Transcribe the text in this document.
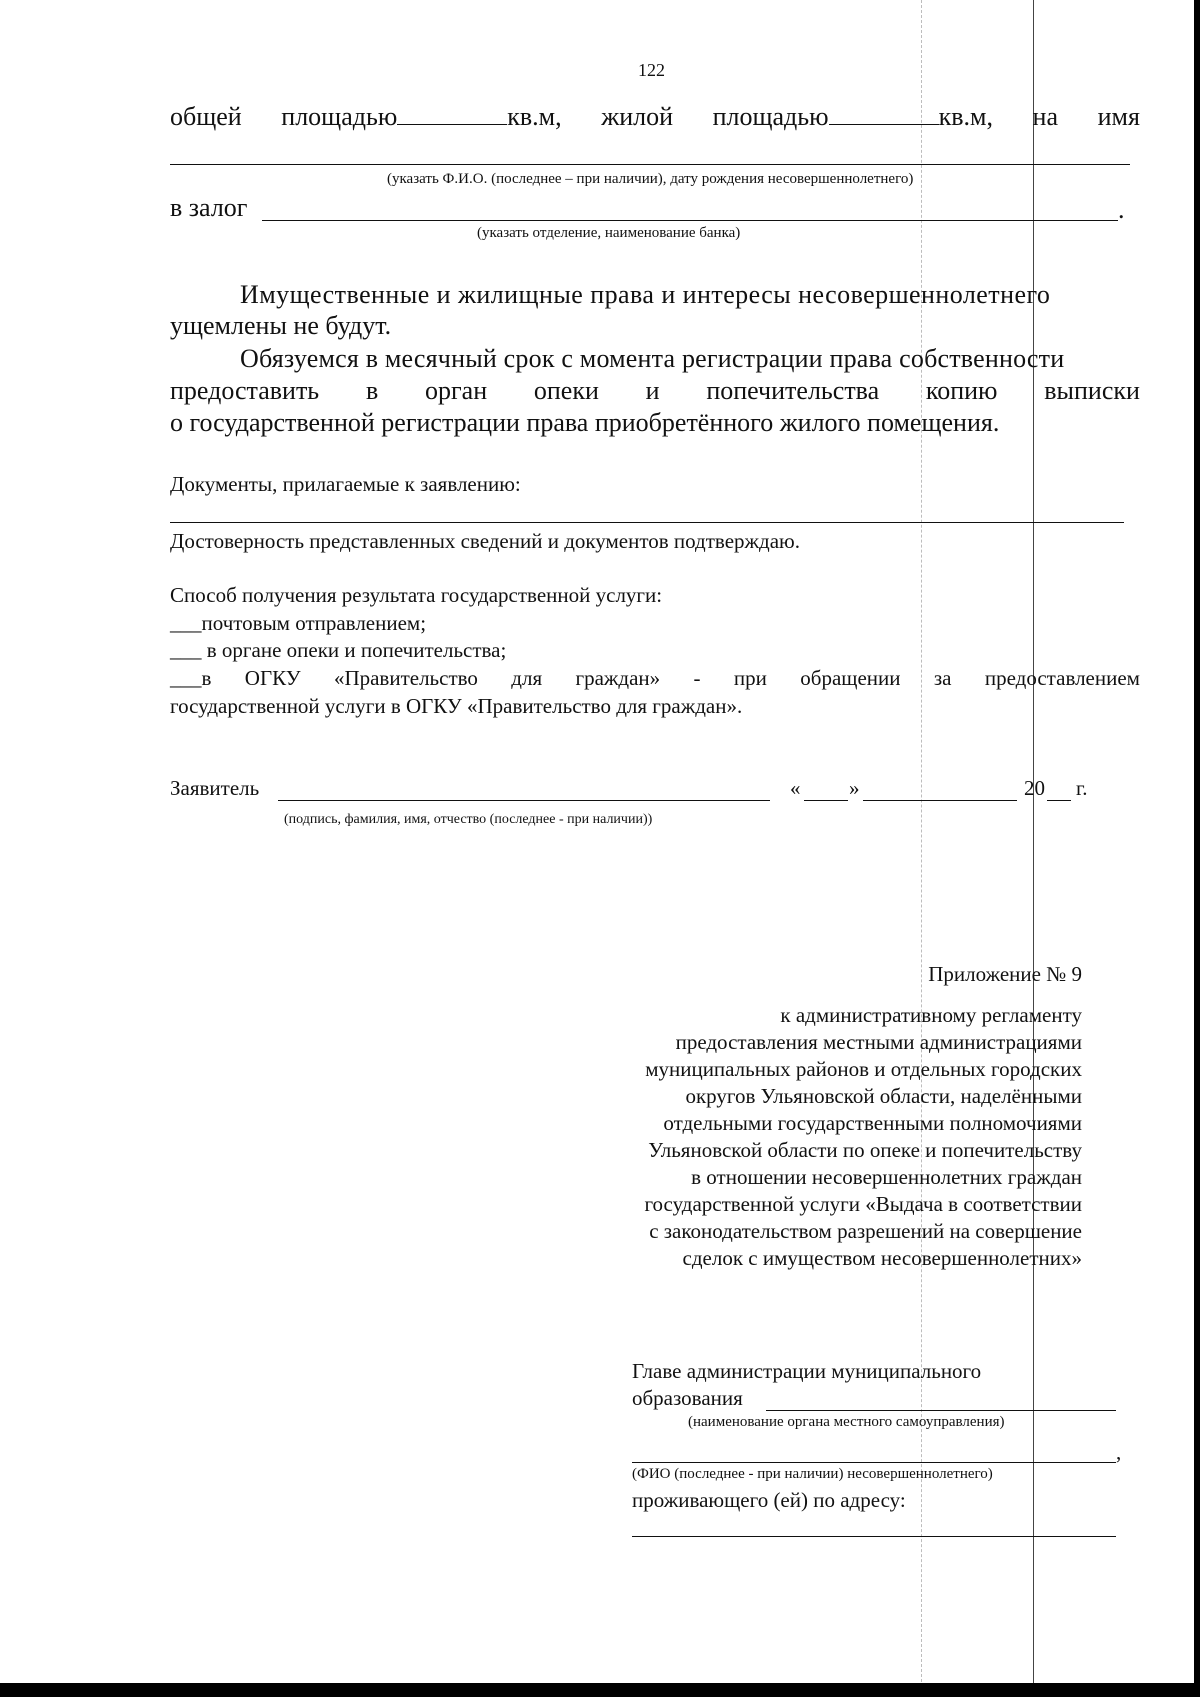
122
общей площадью	кв.м, жилой площадью	кв.м, на имя
(указать Ф.И.О. (последнее – при наличии), дату рождения несовершеннолетнего)
в залог	.
(указать отделение, наименование банка)
Имущественные и жилищные права и интересы несовершеннолетнего
ущемлены не будут.
Обязуемся в месячный срок с момента регистрации права собственности
предоставить в орган опеки и попечительства копию выписки
о государственной регистрации права приобретённого жилого помещения.
Документы, прилагаемые к заявлению:
Достоверность представленных сведений и документов подтверждаю.
Способ получения результата государственной услуги:
___почтовым отправлением;
___ в органе опеки и попечительства;
___в ОГКУ «Правительство для граждан» - при обращении за предоставлением
государственной услуги в ОГКУ «Правительство для граждан».
Заявитель	« »	20 г.
(подпись, фамилия, имя, отчество (последнее - при наличии))
Приложение № 9
к административному регламенту
предоставления местными администрациями
муниципальных районов и отдельных городских
округов Ульяновской области, наделёнными
отдельными государственными полномочиями
Ульяновской области по опеке и попечительству
в отношении несовершеннолетних граждан
государственной услуги «Выдача в соответствии
с законодательством разрешений на совершение
сделок с имуществом несовершеннолетних»
Главе администрации муниципального
образования
(наименование органа местного самоуправления)
,
(ФИО (последнее - при наличии) несовершеннолетнего)
проживающего (ей) по адресу:
